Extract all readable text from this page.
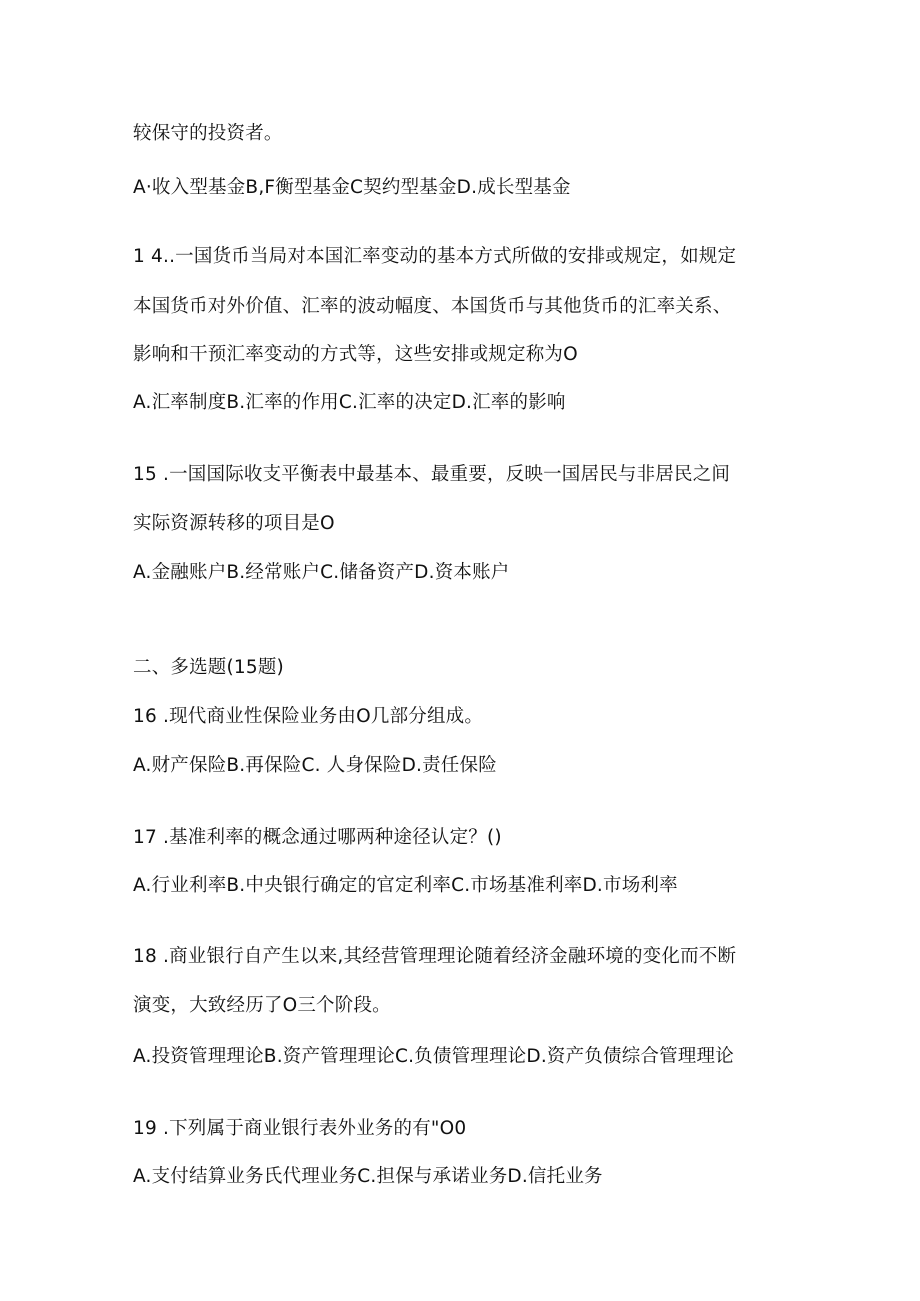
较保守的投资者。
A·收入型基金B,F衡型基金C契约型基金D.成长型基金
1 4..一国货币当局对本国汇率变动的基本方式所做的安排或规定，如规定
本国货币对外价值、汇率的波动幅度、本国货币与其他货币的汇率关系、
影响和干预汇率变动的方式等，这些安排或规定称为O
A.汇率制度B.汇率的作用C.汇率的决定D.汇率的影响
15 .一国国际收支平衡表中最基本、最重要，反映一国居民与非居民之间
实际资源转移的项目是O
A.金融账户B.经常账户C.储备资产D.资本账户
二、多选题(15题)
16 .现代商业性保险业务由O几部分组成。
A.财产保险B.再保险C. 人身保险D.责任保险
17 .基准利率的概念通过哪两种途径认定？()
A.行业利率B.中央银行确定的官定利率C.市场基准利率D.市场利率
18 .商业银行自产生以来,其经营管理理论随着经济金融环境的变化而不断
演变，大致经历了O三个阶段。
A.投资管理理论B.资产管理理论C.负债管理理论D.资产负债综合管理理论
19 .下列属于商业银行表外业务的有"O0
A.支付结算业务氏代理业务C.担保与承诺业务D.信托业务
